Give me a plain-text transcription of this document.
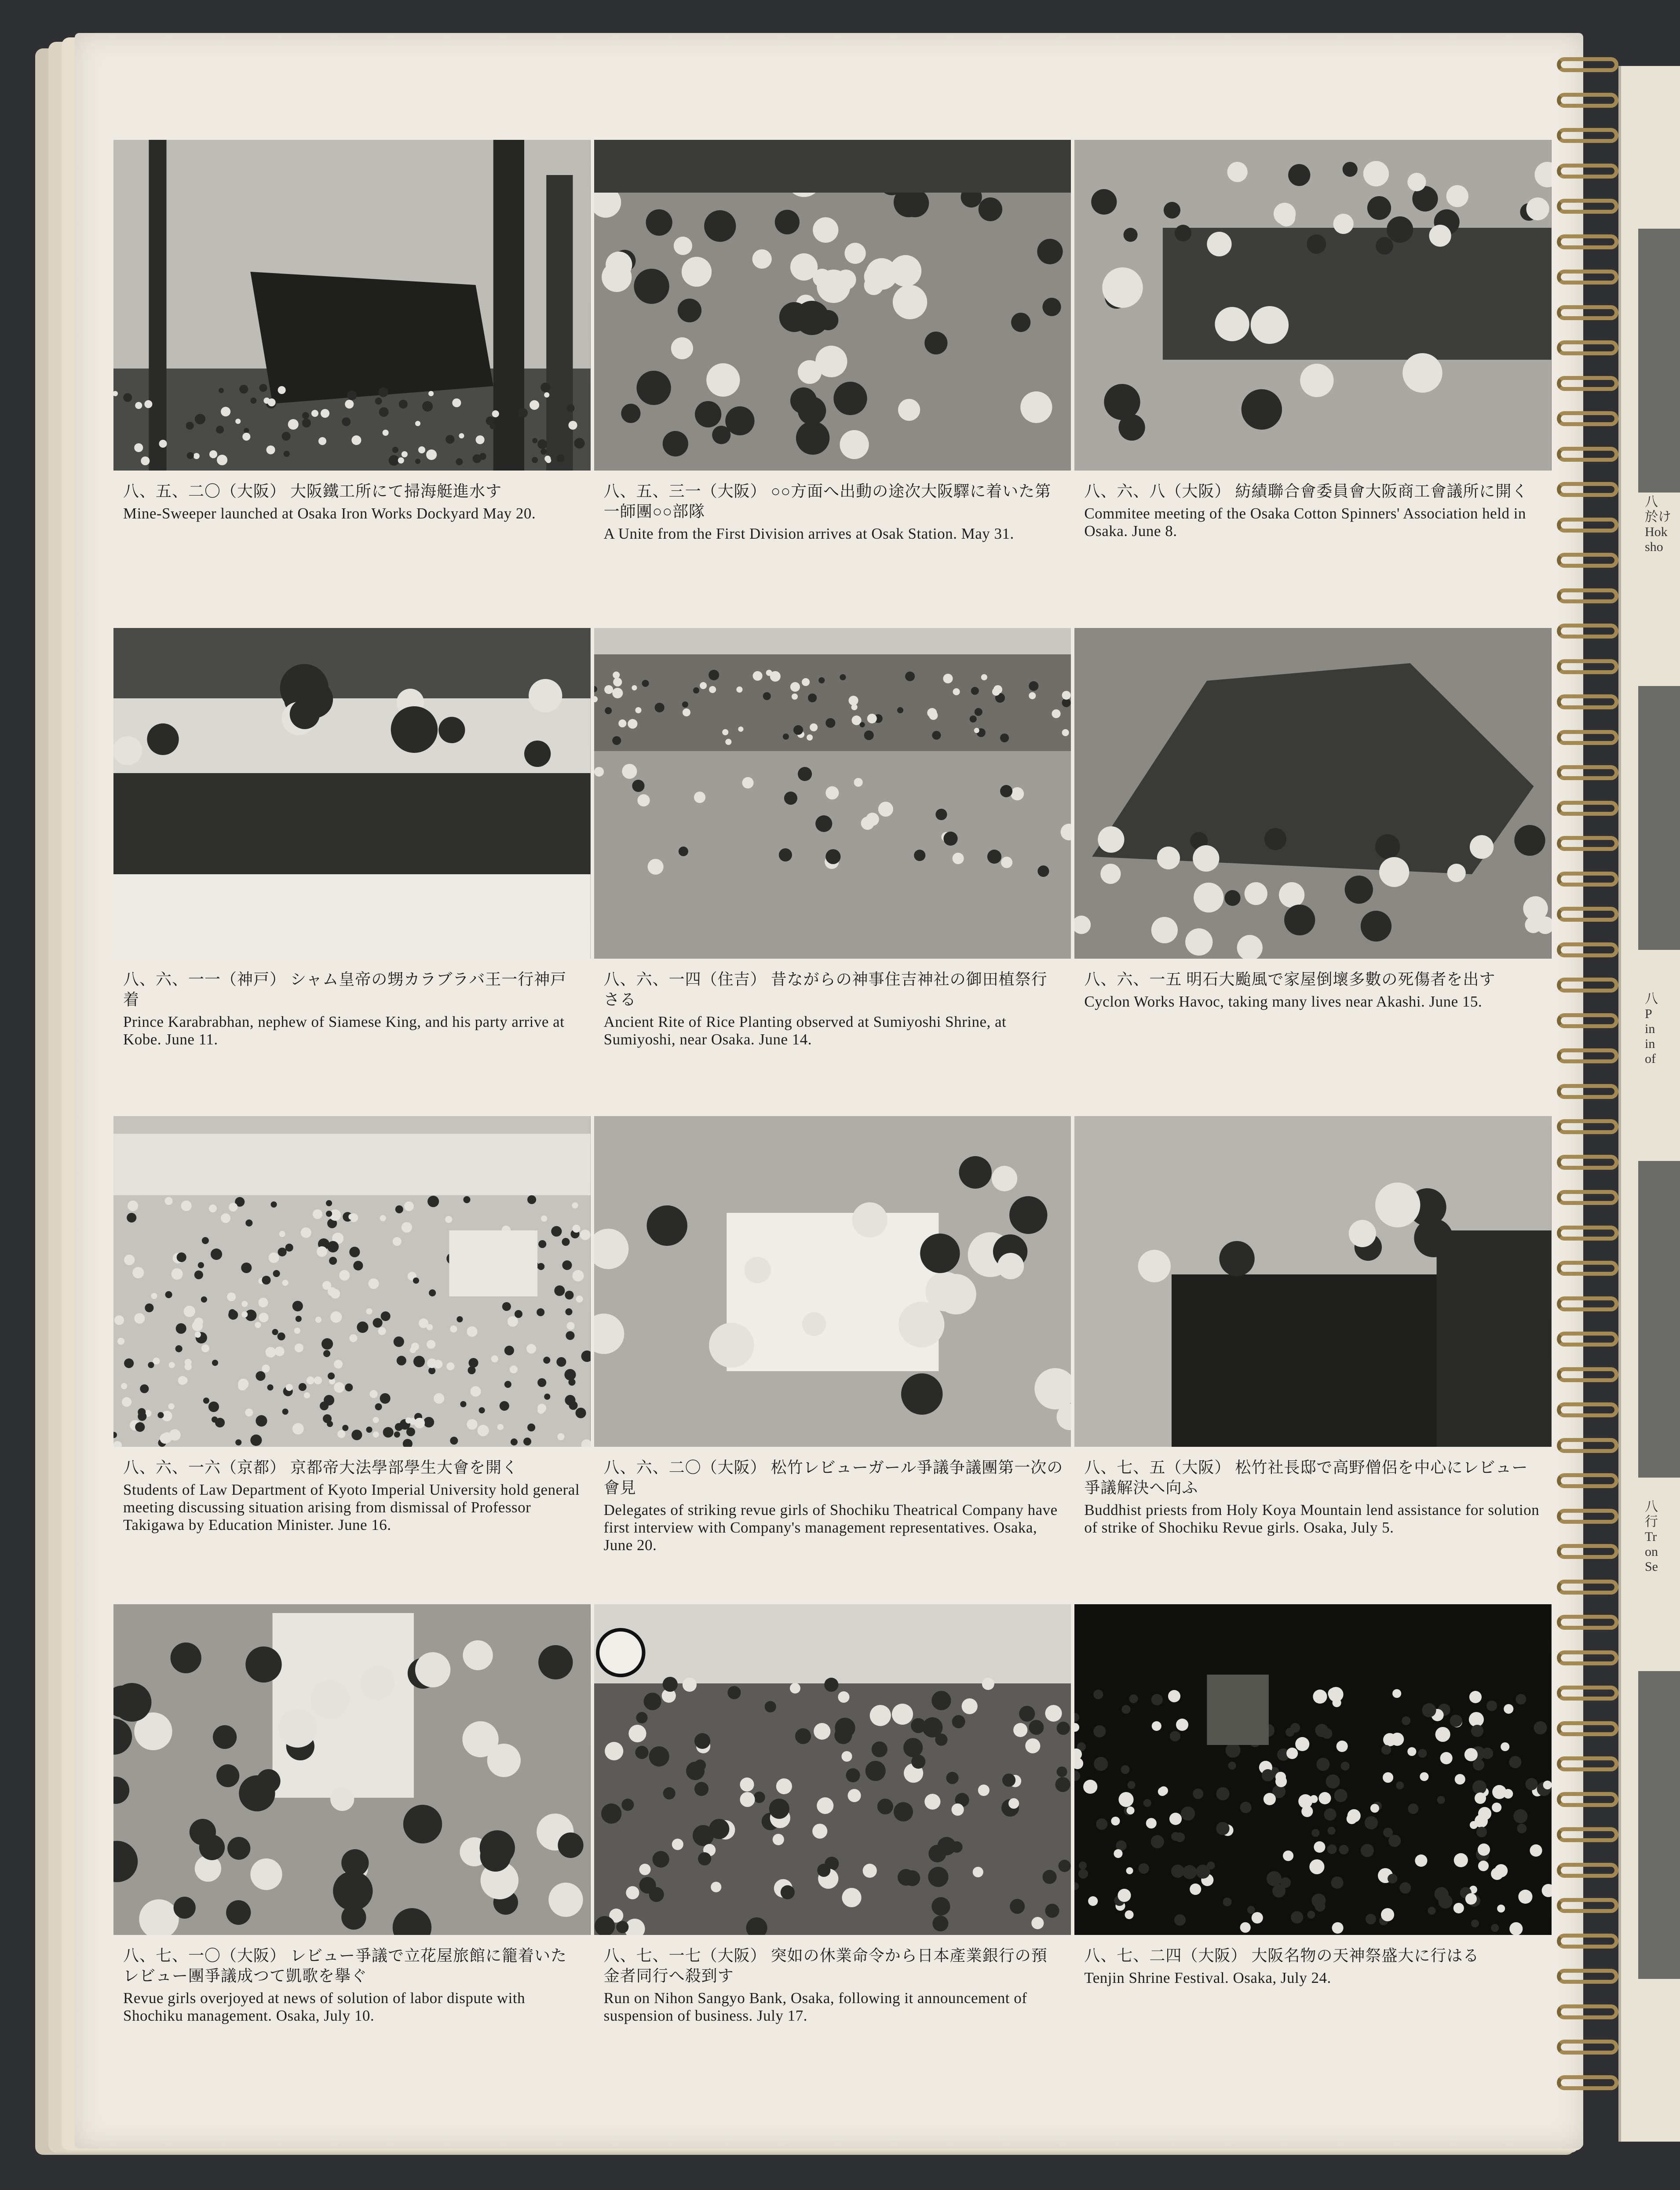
八
於け
Hok
sho
八
P
in
in
of
八
行
Tr
on
Se
八、五、二〇（大阪） 大阪鐵工所にて掃海艇進水す
Mine-Sweeper launched at Osaka Iron Works Dockyard May 20.
八、五、三一（大阪） ○○方面へ出動の途次大阪驛に着いた第一師團○○部隊
A Unite from the First Division arrives at Osak Station. May 31.
八、六、八（大阪） 紡績聯合會委員會大阪商工會議所に開く
Commitee meeting of the Osaka Cotton Spinners' Association held in Osaka. June 8.
八、六、一一（神戸） シャム皇帝の甥カラブラバ王一行神戸着
Prince Karabrabhan, nephew of Siamese King, and his party arrive at Kobe. June 11.
八、六、一四（住吉） 昔ながらの神事住吉神社の御田植祭行さる
Ancient Rite of Rice Planting observed at Sumiyoshi Shrine, at Sumiyoshi, near Osaka. June 14.
八、六、一五 明石大颱風で家屋倒壞多數の死傷者を出す
Cyclon Works Havoc, taking many lives near Akashi. June 15.
八、六、一六（京都） 京都帝大法學部學生大會を開く
Students of Law Department of Kyoto Imperial University hold general meeting discussing situation arising from dismissal of Professor Takigawa by Education Minister. June 16.
八、六、二〇（大阪） 松竹レビューガール爭議争議團第一次の會見
Delegates of striking revue girls of Shochiku Theatrical Company have first interview with Company's management representatives. Osaka, June 20.
八、七、五（大阪） 松竹社長邸で高野僧侶を中心にレビュー爭議解決へ向ふ
Buddhist priests from Holy Koya Mountain lend assistance for solution of strike of Shochiku Revue girls. Osaka, July 5.
八、七、一〇（大阪） レビュー爭議で立花屋旅館に籠着いたレビュー團爭議成つて凱歌を擧ぐ
Revue girls overjoyed at news of solution of labor dispute with Shochiku management. Osaka, July 10.
八、七、一七（大阪） 突如の休業命令から日本產業銀行の預金者同行へ殺到す
Run on Nihon Sangyo Bank, Osaka, following it announcement of suspension of business. July 17.
八、七、二四（大阪） 大阪名物の天神祭盛大に行はる
Tenjin Shrine Festival. Osaka, July 24.
